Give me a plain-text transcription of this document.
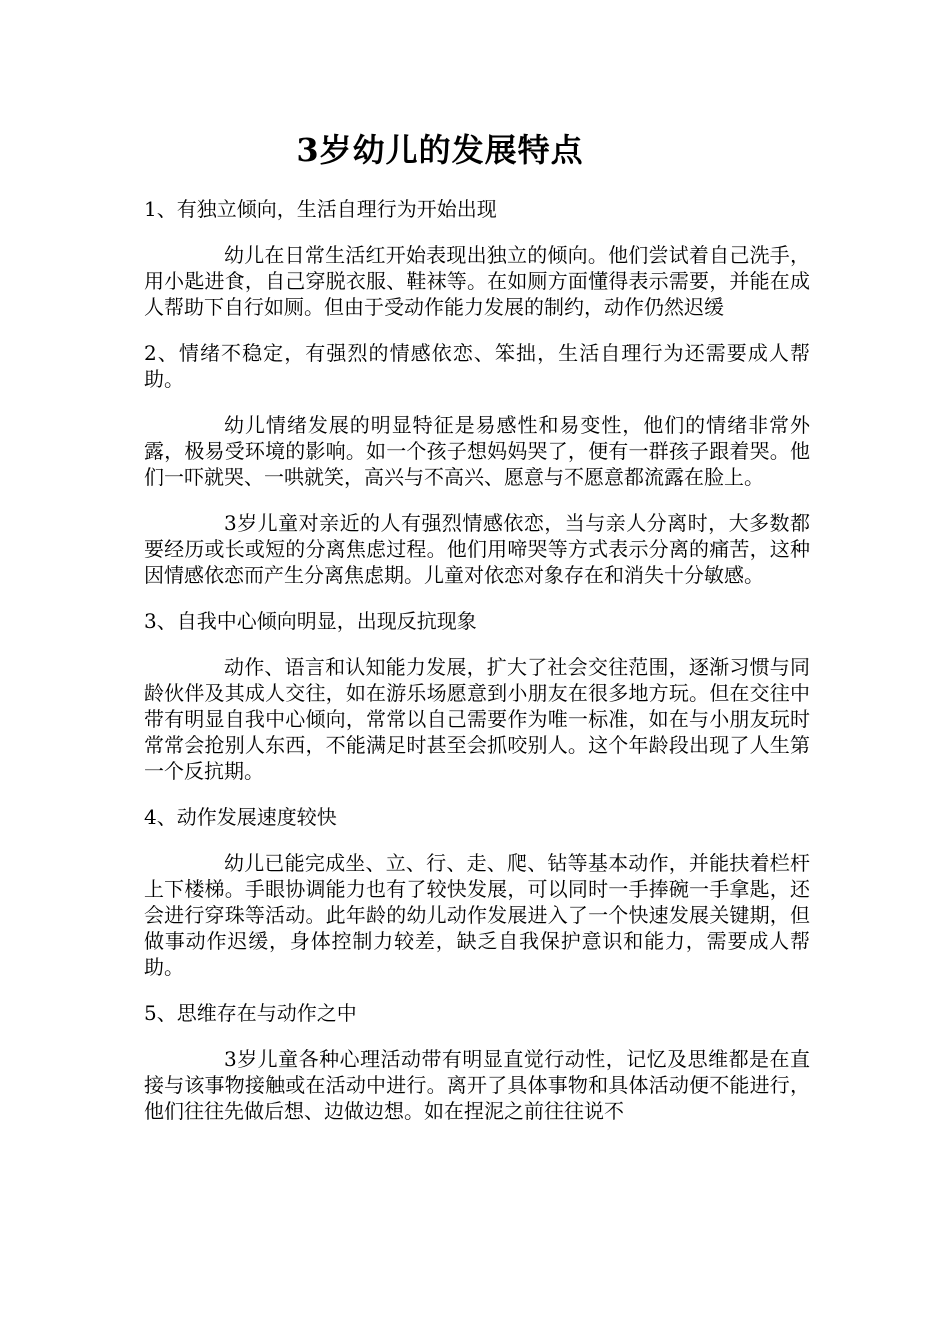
3岁幼儿的发展特点

1、有独立倾向，生活自理行为开始出现

幼儿在日常生活红开始表现出独立的倾向。他们尝试着自己洗手，用小匙进食，自己穿脱衣服、鞋袜等。在如厕方面懂得表示需要，并能在成人帮助下自行如厕。但由于受动作能力发展的制约，动作仍然迟缓

2、情绪不稳定，有强烈的情感依恋、笨拙，生活自理行为还需要成人帮助。

幼儿情绪发展的明显特征是易感性和易变性，他们的情绪非常外露，极易受环境的影响。如一个孩子想妈妈哭了，便有一群孩子跟着哭。他们一吓就哭、一哄就笑，高兴与不高兴、愿意与不愿意都流露在脸上。

3岁儿童对亲近的人有强烈情感依恋，当与亲人分离时，大多数都要经历或长或短的分离焦虑过程。他们用啼哭等方式表示分离的痛苦，这种因情感依恋而产生分离焦虑期。儿童对依恋对象存在和消失十分敏感。

3、自我中心倾向明显，出现反抗现象

动作、语言和认知能力发展，扩大了社会交往范围，逐渐习惯与同龄伙伴及其成人交往，如在游乐场愿意到小朋友在很多地方玩。但在交往中带有明显自我中心倾向，常常以自己需要作为唯一标准，如在与小朋友玩时常常会抢别人东西，不能满足时甚至会抓咬别人。这个年龄段出现了人生第一个反抗期。

4、动作发展速度较快

幼儿已能完成坐、立、行、走、爬、钻等基本动作，并能扶着栏杆上下楼梯。手眼协调能力也有了较快发展，可以同时一手捧碗一手拿匙，还会进行穿珠等活动。此年龄的幼儿动作发展进入了一个快速发展关键期，但做事动作迟缓，身体控制力较差，缺乏自我保护意识和能力，需要成人帮助。

5、思维存在与动作之中

3岁儿童各种心理活动带有明显直觉行动性，记忆及思维都是在直接与该事物接触或在活动中进行。离开了具体事物和具体活动便不能进行，他们往往先做后想、边做边想。如在捏泥之前往往说不
